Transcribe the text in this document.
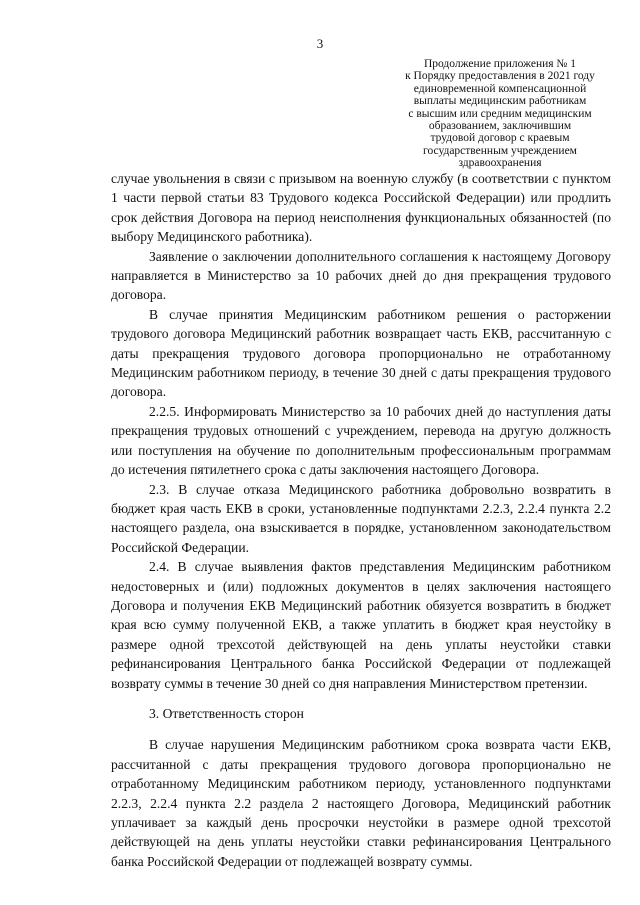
3
Продолжение приложения № 1
к Порядку предоставления в 2021 году
единовременной компенсационной
выплаты медицинским работникам
с высшим или средним медицинским
образованием, заключившим
трудовой договор с краевым
государственным учреждением
здравоохранения

случае увольнения в связи с призывом на военную службу (в соответствии с пунктом 1 части первой статьи 83 Трудового кодекса Российской Федерации) или продлить срок действия Договора на период неисполнения функциональных обязанностей (по выбору Медицинского работника).

Заявление о заключении дополнительного соглашения к настоящему Договору направляется в Министерство за 10 рабочих дней до дня прекращения трудового договора.

В случае принятия Медицинским работником решения о расторжении трудового договора Медицинский работник возвращает часть ЕКВ, рассчитанную с даты прекращения трудового договора пропорционально не отработанному Медицинским работником периоду, в течение 30 дней с даты прекращения трудового договора.

2.2.5. Информировать Министерство за 10 рабочих дней до наступления даты прекращения трудовых отношений с учреждением, перевода на другую должность или поступления на обучение по дополнительным профессиональным программам до истечения пятилетнего срока с даты заключения настоящего Договора.

2.3. В случае отказа Медицинского работника добровольно возвратить в бюджет края часть ЕКВ в сроки, установленные подпунктами 2.2.3, 2.2.4 пункта 2.2 настоящего раздела, она взыскивается в порядке, установленном законодательством Российской Федерации.

2.4. В случае выявления фактов представления Медицинским работником недостоверных и (или) подложных документов в целях заключения настоящего Договора и получения ЕКВ Медицинский работник обязуется возвратить в бюджет края всю сумму полученной ЕКВ, а также уплатить в бюджет края неустойку в размере одной трехсотой действующей на день уплаты неустойки ставки рефинансирования Центрального банка Российской Федерации от подлежащей возврату суммы в течение 30 дней со дня направления Министерством претензии.

3. Ответственность сторон

В случае нарушения Медицинским работником срока возврата части ЕКВ, рассчитанной с даты прекращения трудового договора пропорционально не отработанному Медицинским работником периоду, установленного подпунктами 2.2.3, 2.2.4 пункта 2.2 раздела 2 настоящего Договора, Медицинский работник уплачивает за каждый день просрочки неустойки в размере одной трехсотой действующей на день уплаты неустойки ставки рефинансирования Центрального банка Российской Федерации от подлежащей возврату суммы.
